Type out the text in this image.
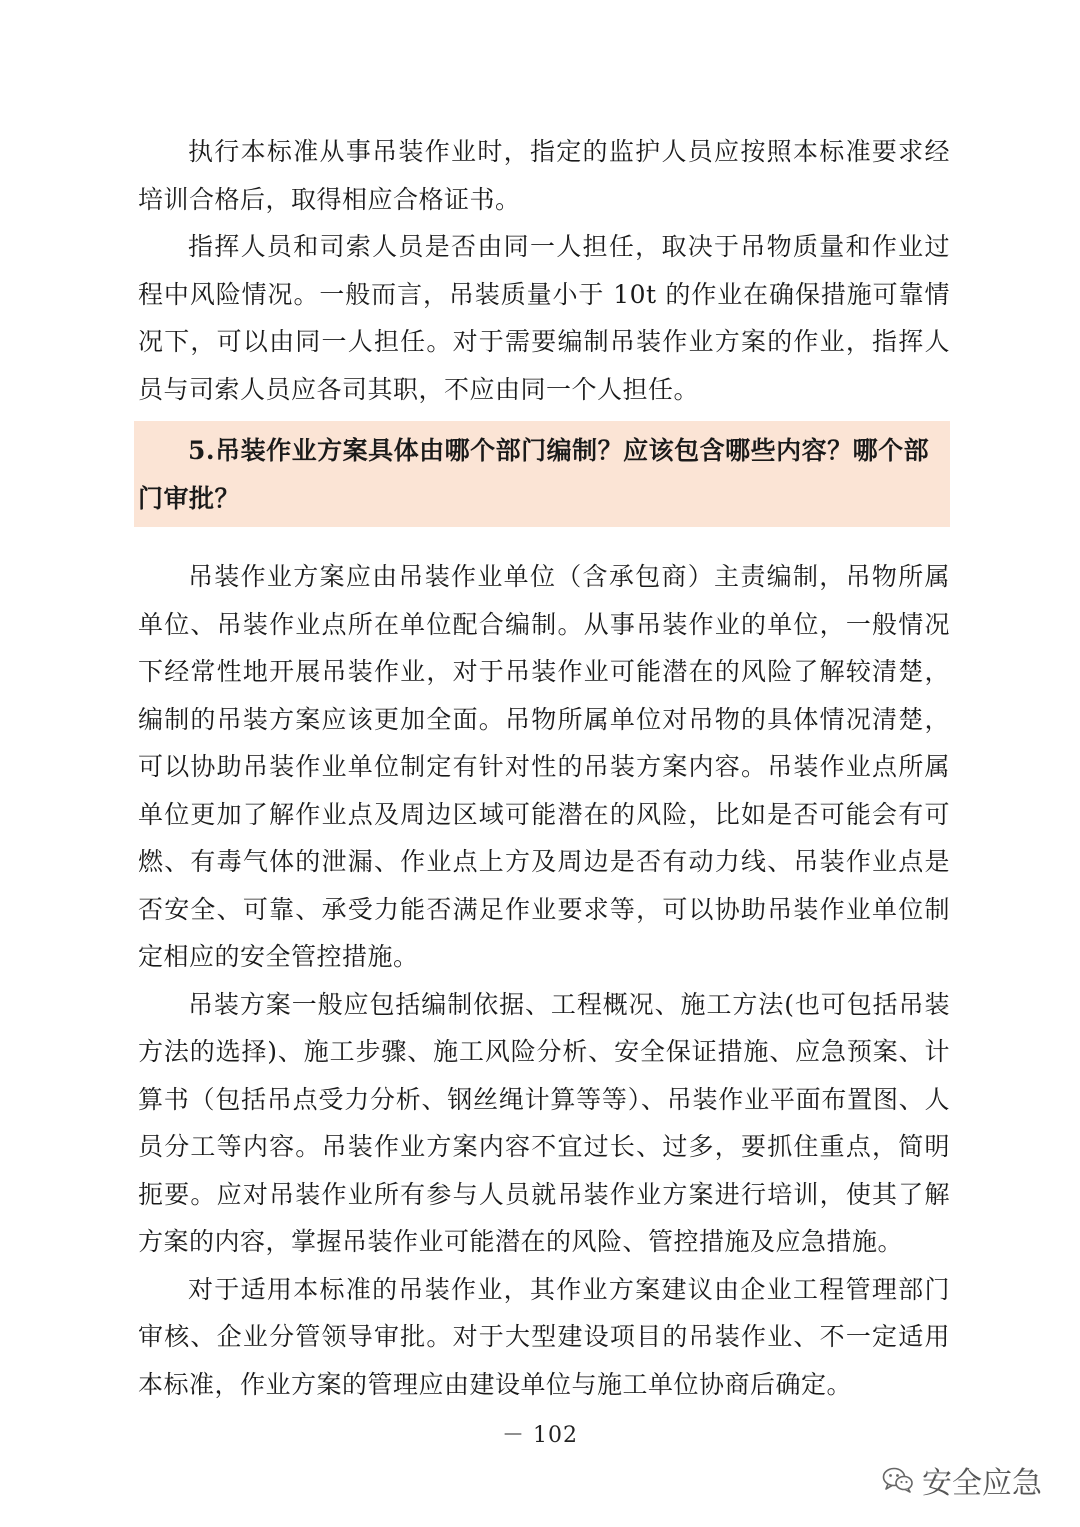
执行本标准从事吊装作业时，指定的监护人员应按照本标准要求经培训合格后，取得相应合格证书。

指挥人员和司索人员是否由同一人担任，取决于吊物质量和作业过程中风险情况。一般而言，吊装质量小于 10t 的作业在确保措施可靠情况下，可以由同一人担任。对于需要编制吊装作业方案的作业，指挥人员与司索人员应各司其职，不应由同一个人担任。

5.吊装作业方案具体由哪个部门编制？应该包含哪些内容？哪个部门审批？

吊装作业方案应由吊装作业单位（含承包商）主责编制，吊物所属单位、吊装作业点所在单位配合编制。从事吊装作业的单位，一般情况下经常性地开展吊装作业，对于吊装作业可能潜在的风险了解较清楚，编制的吊装方案应该更加全面。吊物所属单位对吊物的具体情况清楚，可以协助吊装作业单位制定有针对性的吊装方案内容。吊装作业点所属单位更加了解作业点及周边区域可能潜在的风险，比如是否可能会有可燃、有毒气体的泄漏、作业点上方及周边是否有动力线、吊装作业点是否安全、可靠、承受力能否满足作业要求等，可以协助吊装作业单位制定相应的安全管控措施。

吊装方案一般应包括编制依据、工程概况、施工方法(也可包括吊装方法的选择)、施工步骤、施工风险分析、安全保证措施、应急预案、计算书（包括吊点受力分析、钢丝绳计算等等）、吊装作业平面布置图、人员分工等内容。吊装作业方案内容不宜过长、过多，要抓住重点，简明扼要。应对吊装作业所有参与人员就吊装作业方案进行培训，使其了解方案的内容，掌握吊装作业可能潜在的风险、管控措施及应急措施。

对于适用本标准的吊装作业，其作业方案建议由企业工程管理部门审核、企业分管领导审批。对于大型建设项目的吊装作业、不一定适用本标准，作业方案的管理应由建设单位与施工单位协商后确定。

－ 102
安全应急
